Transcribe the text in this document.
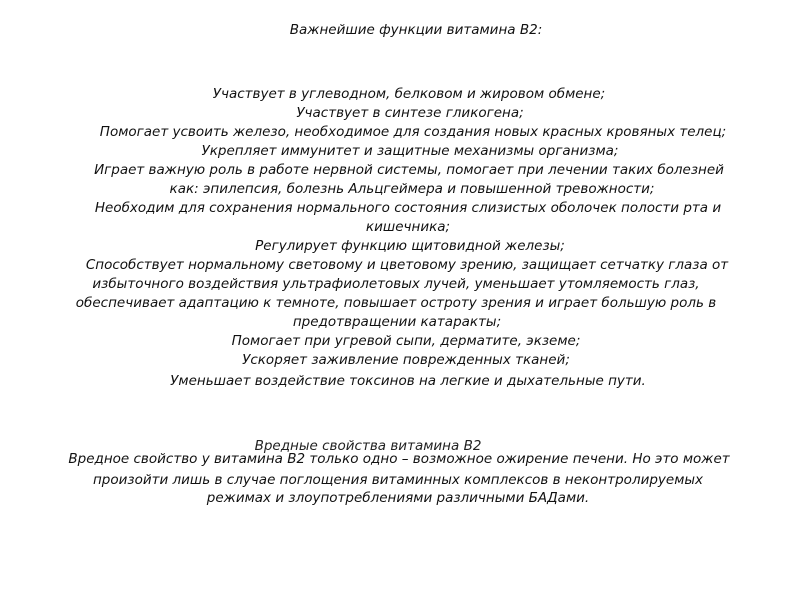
Важнейшие функции витамина В2:
Участвует в углеводном, белковом и жировом обмене;
Участвует в синтезе гликогена;
Помогает усвоить железо, необходимое для создания новых красных кровяных телец;
Укрепляет иммунитет и защитные механизмы организма;
Играет важную роль в работе нервной системы, помогает при лечении таких болезней
как: эпилепсия, болезнь Альцгеймера и повышенной тревожности;
Необходим для сохранения нормального состояния слизистых оболочек полости рта и
кишечника;
Регулирует функцию щитовидной железы;
Способствует нормальному световому и цветовому зрению, защищает сетчатку глаза от
избыточного воздействия ультрафиолетовых лучей, уменьшает утомляемость глаз,
обеспечивает адаптацию к темноте, повышает остроту зрения и играет большую роль в
предотвращении катаракты;
Помогает при угревой сыпи, дерматите, экземе;
Ускоряет заживление поврежденных тканей;
Уменьшает воздействие токсинов на легкие и дыхательные пути.
Вредные свойства витамина В2
Вредное свойство у витамина В2 только одно – возможное ожирение печени. Но это может
произойти лишь в случае поглощения витаминных комплексов в неконтролируемых
режимах и злоупотреблениями различными БАДами.
